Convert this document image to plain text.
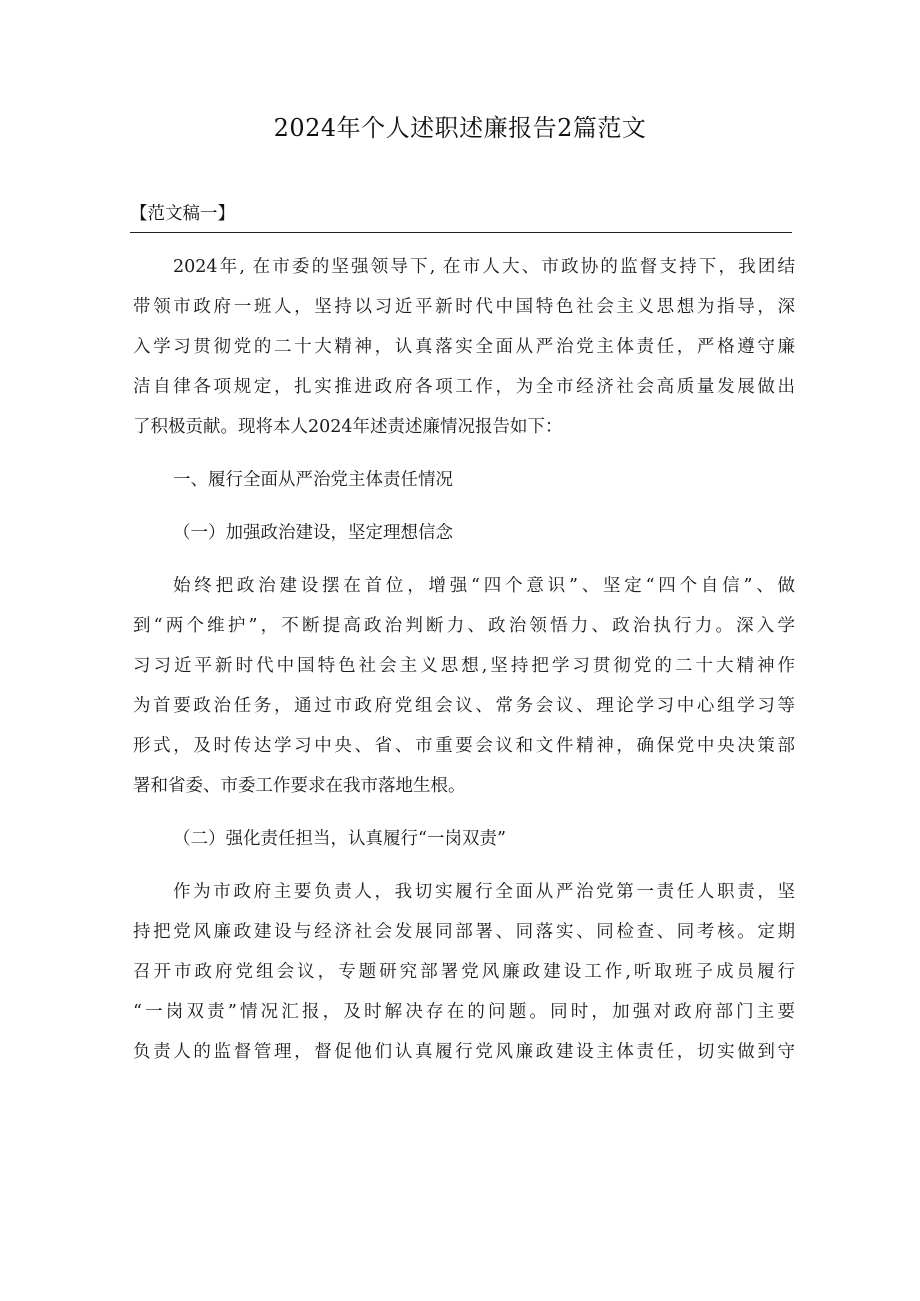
2024年个人述职述廉报告2篇范文
【范文稿一】
2024年, 在市委的坚强领导下, 在市人大、市政协的监督支持下，我团结
带领市政府一班人，坚持以习近平新时代中国特色社会主义思想为指导，深
入学习贯彻党的二十大精神，认真落实全面从严治党主体责任，严格遵守廉
洁自律各项规定，扎实推进政府各项工作，为全市经济社会高质量发展做出
了积极贡献。现将本人2024年述责述廉情况报告如下：
一、履行全面从严治党主体责任情况
（一）加强政治建设，坚定理想信念
始终把政治建设摆在首位，增强“四个意识”、坚定“四个自信”、做
到“两个维护”，不断提高政治判断力、政治领悟力、政治执行力。深入学
习习近平新时代中国特色社会主义思想,坚持把学习贯彻党的二十大精神作
为首要政治任务，通过市政府党组会议、常务会议、理论学习中心组学习等
形式，及时传达学习中央、省、市重要会议和文件精神，确保党中央决策部
署和省委、市委工作要求在我市落地生根。
（二）强化责任担当，认真履行“一岗双责”
作为市政府主要负责人，我切实履行全面从严治党第一责任人职责，坚
持把党风廉政建设与经济社会发展同部署、同落实、同检查、同考核。定期
召开市政府党组会议，专题研究部署党风廉政建设工作,听取班子成员履行
“一岗双责”情况汇报，及时解决存在的问题。同时，加强对政府部门主要
负责人的监督管理，督促他们认真履行党风廉政建设主体责任，切实做到守
